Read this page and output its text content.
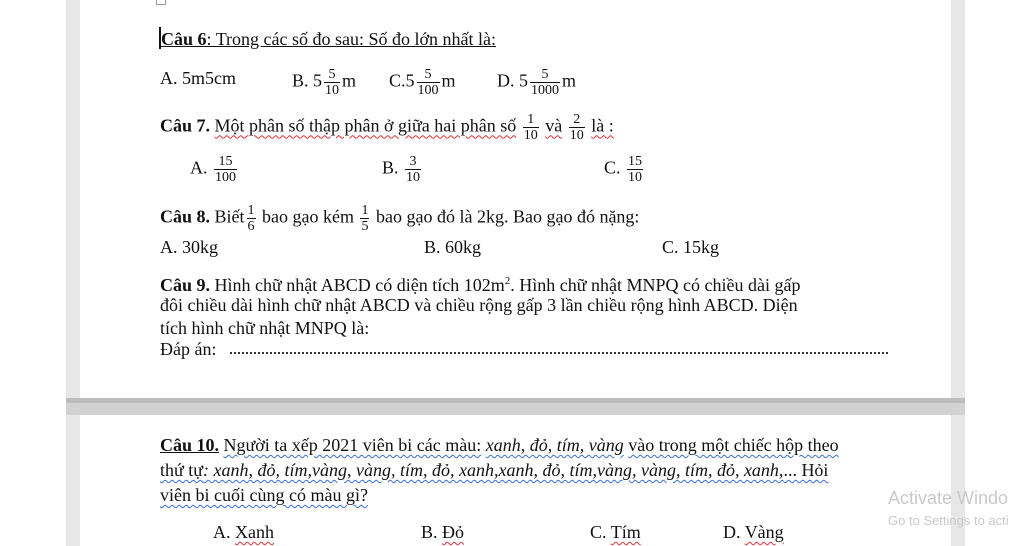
Câu 6: Trong các số đo sau: Số đo lớn nhất là:
A. 5m5cm	B. $5 \frac{5}{10}$ m $C.5 \frac{5}{100}$ m D. $5 \frac{5}{1000}$ m
Câu 7. Một phân số thập phân ở giữa hai phân số $\frac{1}{10}$ và $\frac{2}{10}$ là :
A. $\frac{15}{100}$	B. $\frac{3}{10}$	C. $\frac{15}{10}$
Câu 8. Biết $\frac{1}{6}$ bao gạo kém $\frac{1}{5}$ bao gạo đó là 2kg. Bao gạo đó nặng:
A. 30kg	B. 60kg	C. 15kg
Câu 9. Hình chữ nhật ABCD có diện tích $102m^2$. Hình chữ nhật MNPQ có chiều dài gấp
đôi chiều dài hình chữ nhật ABCD và chiều rộng gấp 3 lần chiều rộng hình ABCD. Diện
tích hình chữ nhật MNPQ là:
Đáp án:
Câu 10. Người ta xếp 2021 viên bi các màu: xanh, đỏ, tím, vàng vào trong một chiếc hộp theo
thứ tự: xanh, đỏ, tím,vàng, vàng, tím, đỏ, xanh,xanh, đỏ, tím,vàng, vàng, tím, đỏ, xanh,... Hỏi
viên bi cuối cùng có màu gì?
A. Xanh	B. Đỏ	C. Tím	D. Vàng
Activate Windo
Go to Settings to acti
